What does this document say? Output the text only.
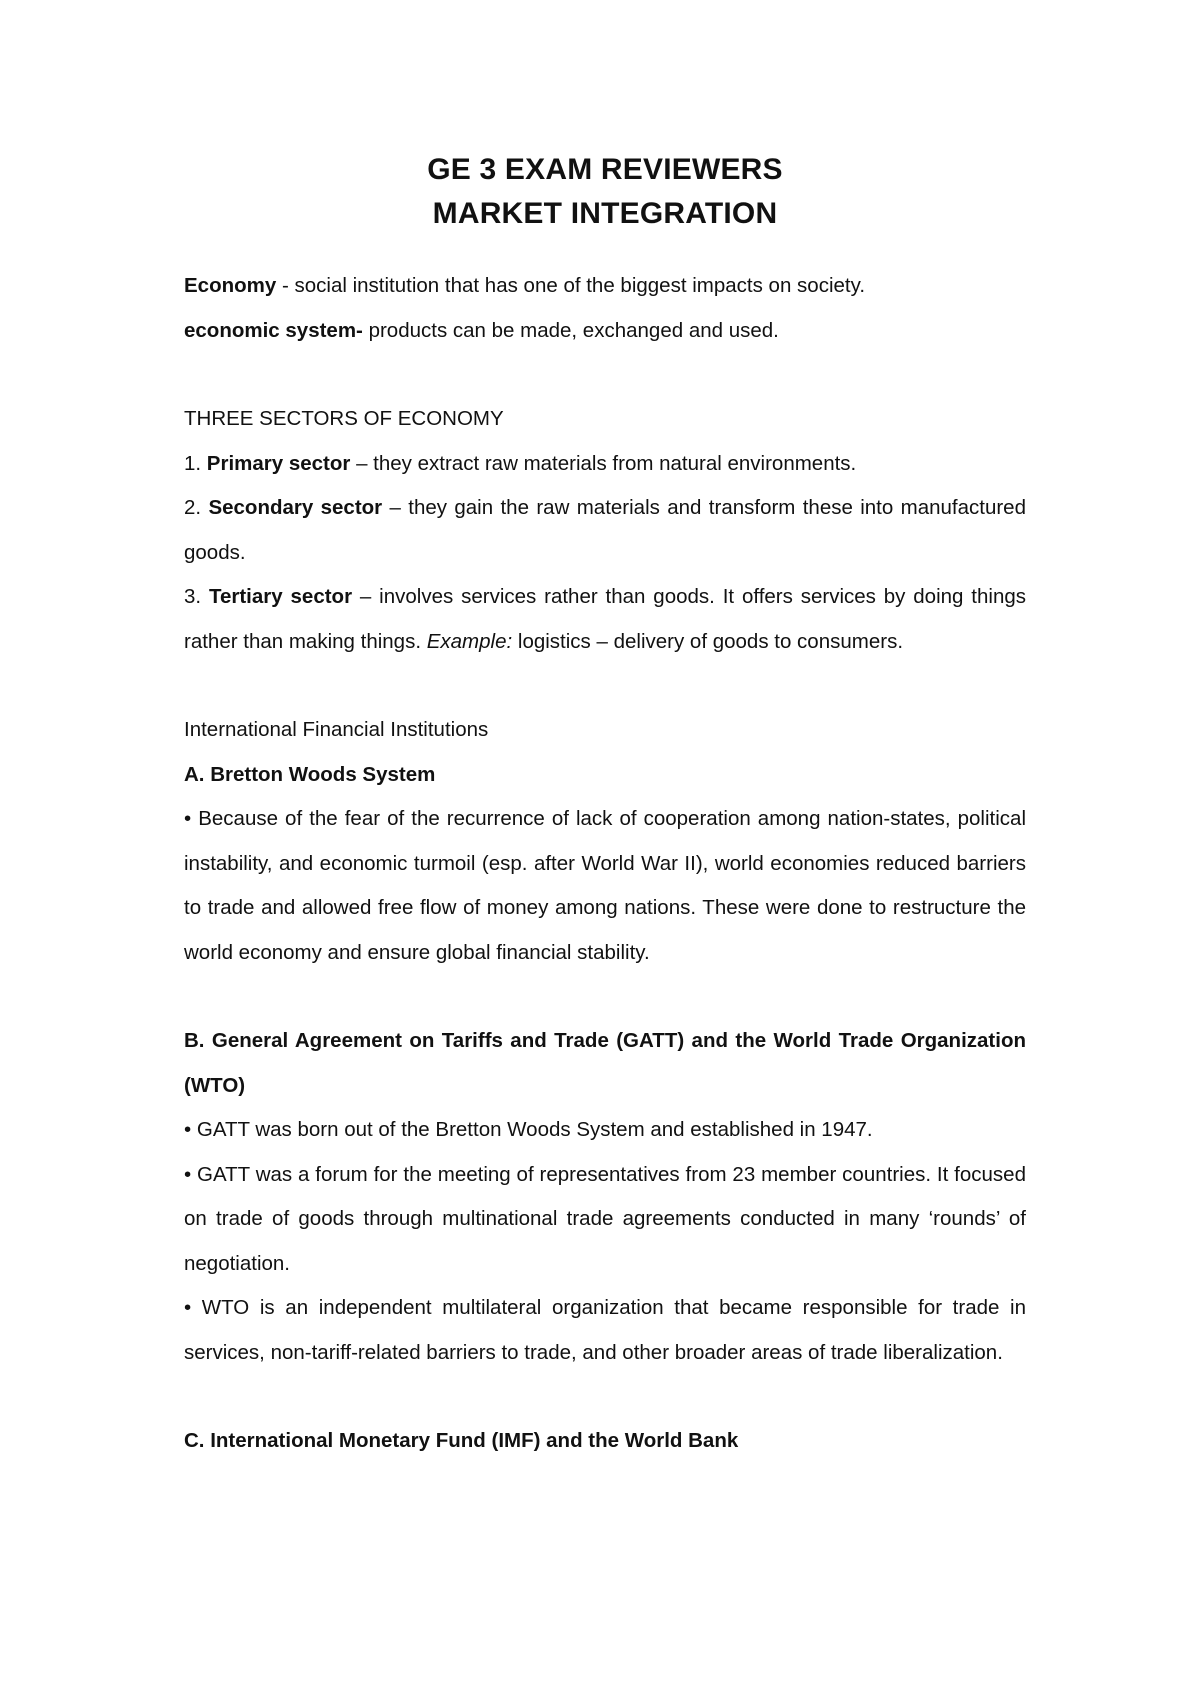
GE 3 EXAM REVIEWERS
MARKET INTEGRATION

Economy - social institution that has one of the biggest impacts on society.

economic system- products can be made, exchanged and used.

THREE SECTORS OF ECONOMY

1. Primary sector – they extract raw materials from natural environments.

2. Secondary sector – they gain the raw materials and transform these into manufactured goods.

3. Tertiary sector – involves services rather than goods. It offers services by doing things rather than making things. Example: logistics – delivery of goods to consumers.

International Financial Institutions

A. Bretton Woods System

• Because of the fear of the recurrence of lack of cooperation among nation-states, political instability, and economic turmoil (esp. after World War II), world economies reduced barriers to trade and allowed free flow of money among nations. These were done to restructure the world economy and ensure global financial stability.

B. General Agreement on Tariffs and Trade (GATT) and the World Trade Organization (WTO)

• GATT was born out of the Bretton Woods System and established in 1947.

• GATT was a forum for the meeting of representatives from 23 member countries. It focused on trade of goods through multinational trade agreements conducted in many ‘rounds’ of negotiation.

• WTO is an independent multilateral organization that became responsible for trade in services, non-tariff-related barriers to trade, and other broader areas of trade liberalization.

C. International Monetary Fund (IMF) and the World Bank
